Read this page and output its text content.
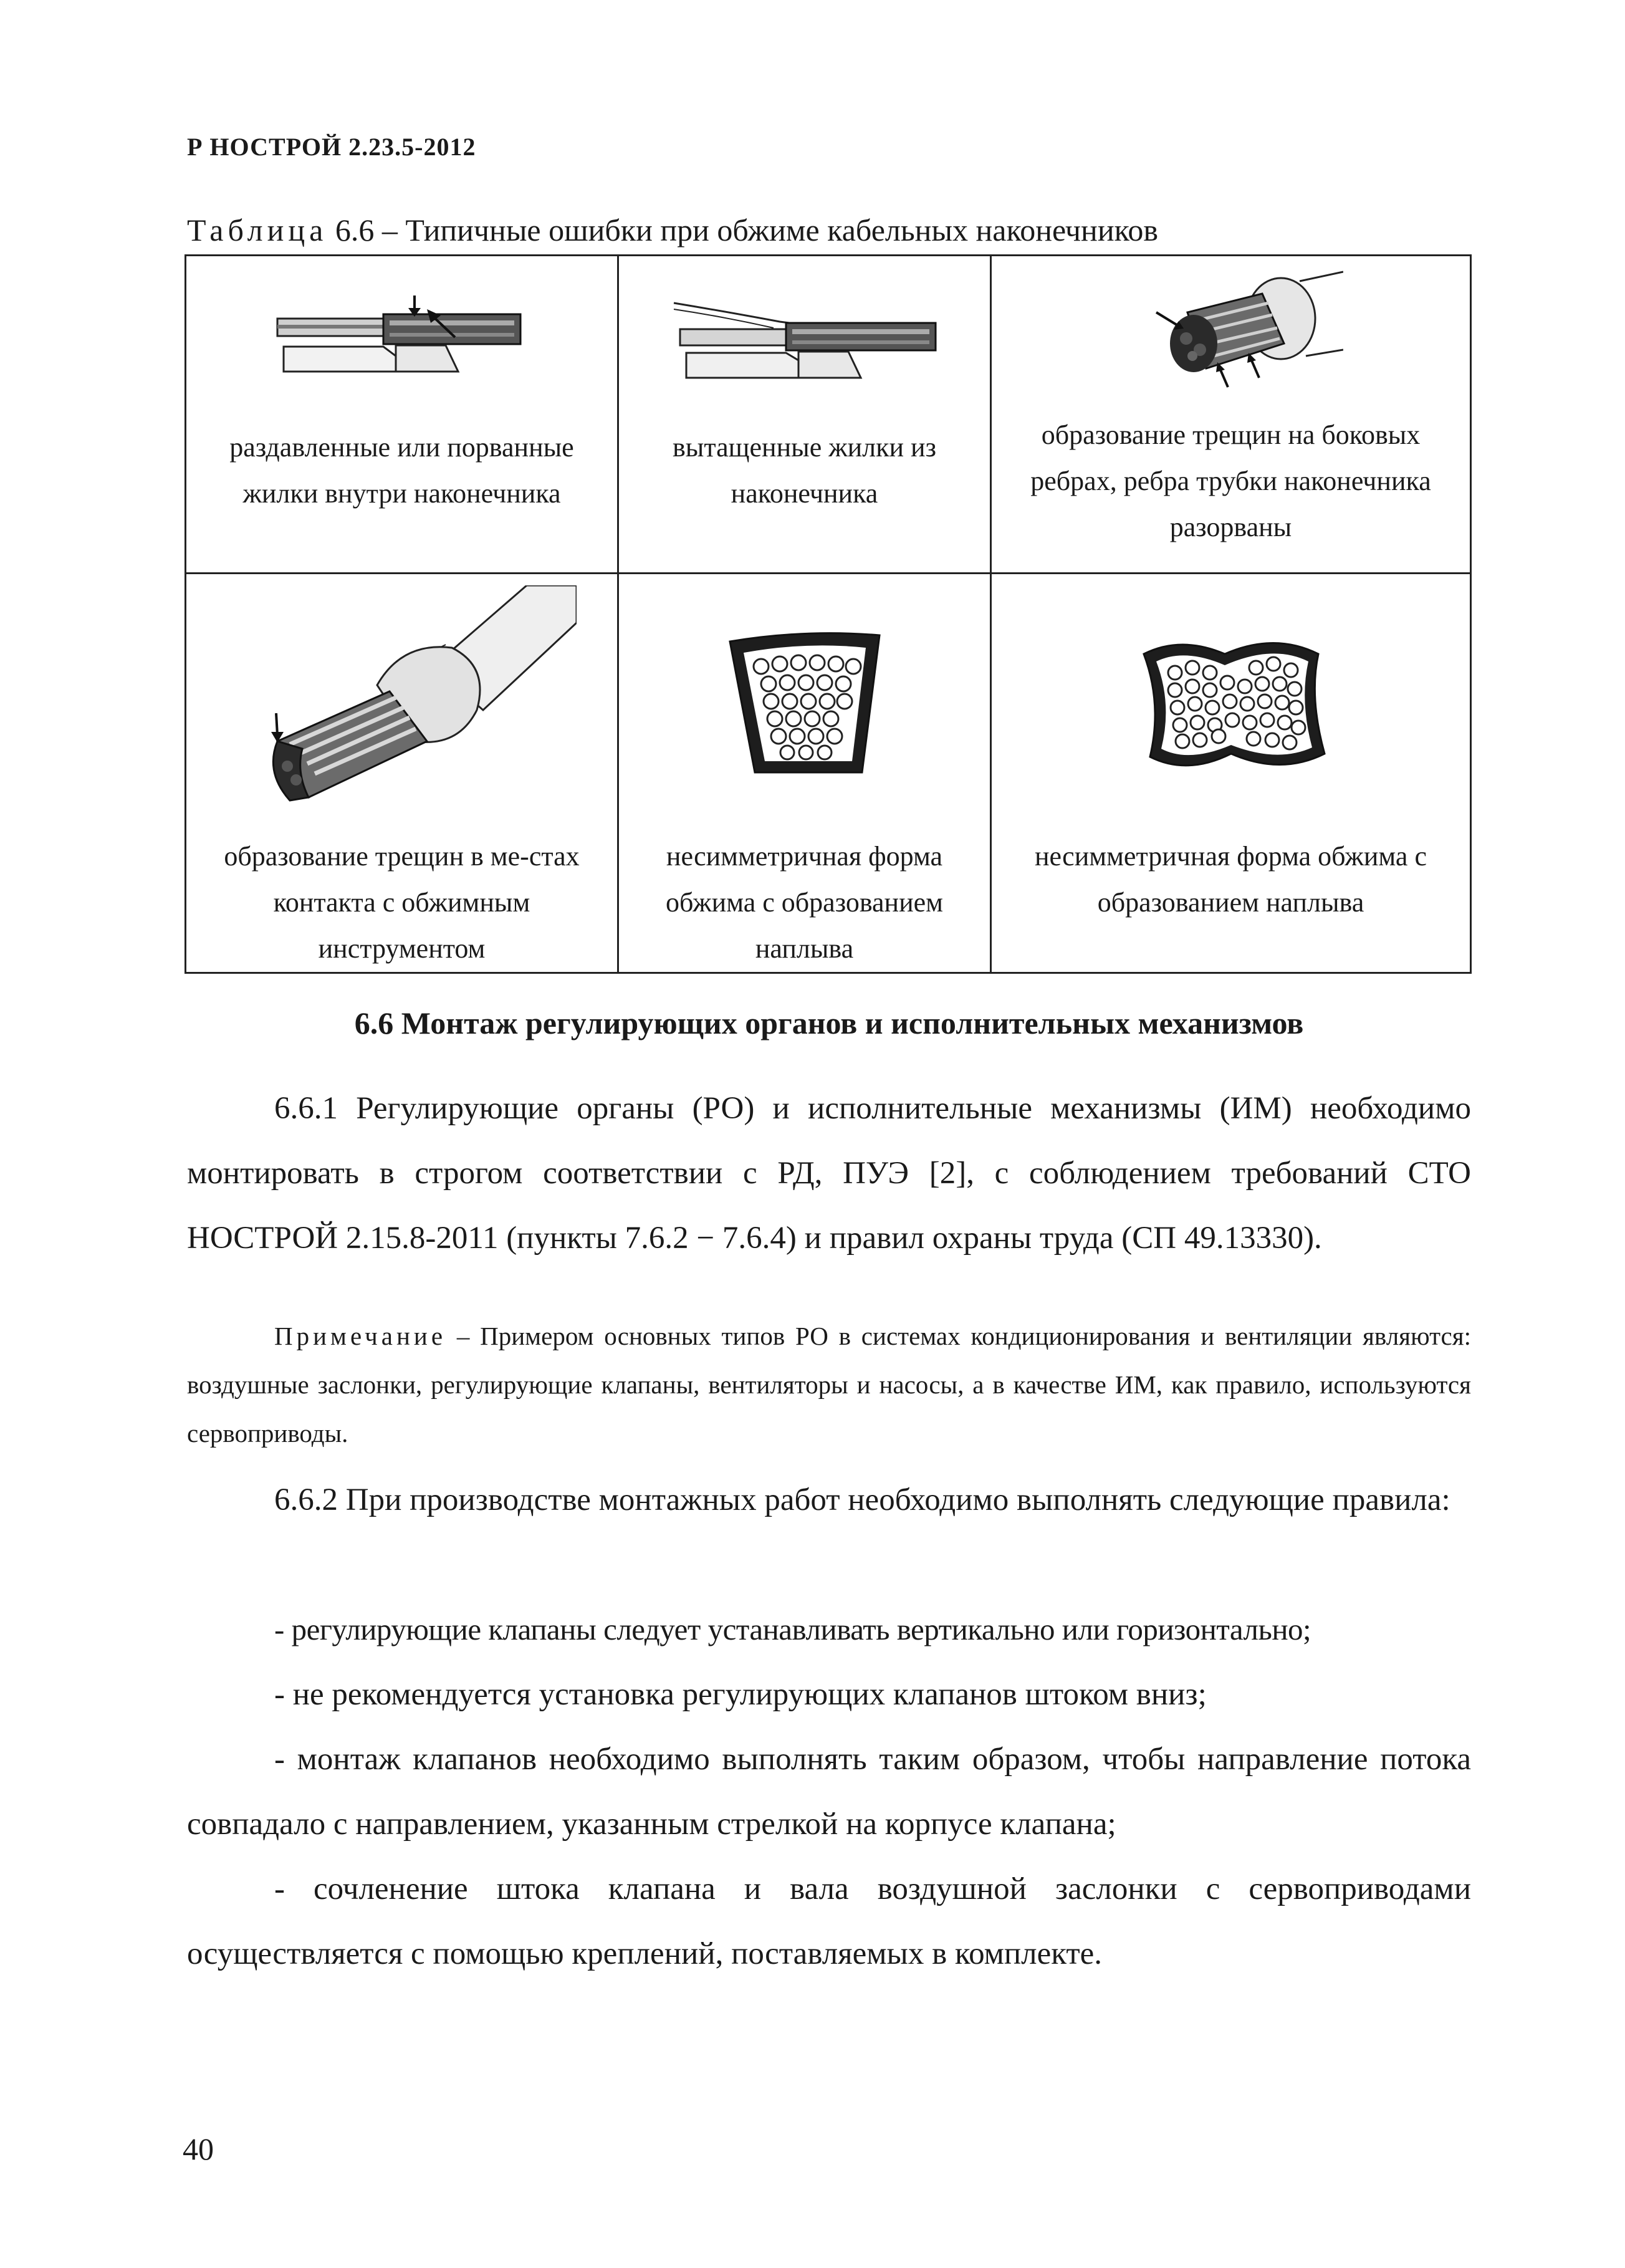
Р НОСТРОЙ 2.23.5-2012
Таблица 6.6 – Типичные ошибки при обжиме кабельных наконечников
раздавленные или порванные жилки внутри наконечника	вытащенные жилки из наконечника	образование трещин на боковых ребрах, ребра трубки наконечника разорваны

образование трещин в ме-стах контакта с обжимным инструментом	несимметричная форма обжима с образованием наплыва	несимметричная форма обжима с образованием наплыва
6.6 Монтаж регулирующих органов и исполнительных механизмов
6.6.1 Регулирующие органы (РО) и исполнительные механизмы (ИМ) необходимо монтировать в строгом соответствии с РД, ПУЭ [2], с соблюдением требований СТО НОСТРОЙ 2.15.8-2011 (пункты 7.6.2 − 7.6.4) и правил охраны труда (СП 49.13330).
Примечание – Примером основных типов РО в системах кондиционирования и вентиляции являются: воздушные заслонки, регулирующие клапаны, вентиляторы и насосы, а в качестве ИМ, как правило, используются сервоприводы.
6.6.2 При производстве монтажных работ необходимо выполнять следующие правила:
- регулирующие клапаны следует устанавливать вертикально или горизонтально;
- не рекомендуется установка регулирующих клапанов штоком вниз;
- монтаж клапанов необходимо выполнять таким образом, чтобы направление потока совпадало с направлением, указанным стрелкой на корпусе клапана;
- сочленение штока клапана и вала воздушной заслонки с сервоприводами осуществляется с помощью креплений, поставляемых в комплекте.
40
